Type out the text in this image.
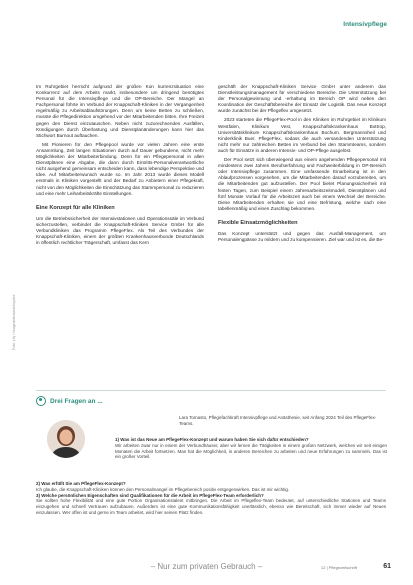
Intensivpflege
Foto: Lily / Imagedatenbank/kryptos

Im Ruhrgebiet herrscht aufgrund der großen Kon kurrenzsituation eine Konkurrenz auf dem Arbeits markt, insbesondere um dringend benötigtes Personal für die Intensivpflege und die OP-Bereiche. Der Mangel an Fachpersonal führte im Verbund der Knappschaft-Kliniken in der Vergangenheit regelmäßig zu Arbeitsablaufstörungen. Denn um keine Betten zu schließen, musste die Pflegedirektion umgehend vor der Mitarbeitenden bitten. Ihre Freizeit gegen den Dienst einzutauschen. Neben nicht zuzurechnenden Ausfällen, Kündigungen durch Überlastung und Dienstplanänderungen kann hier das Stichwort Burnout auftauchen.

Mit Pionieren für den Pflegepool wurde vor vielen Jahren eine erste Ansammlung, Zeit langen Situationen durch auf Dauer gebundene, nicht mehr Möglichkeiten der Mitarbeiterbindung. Denn für ein Pflegepersonal in allen Dienstplänen eine Abgabe, die dann durch Eintritts-Personalverantwortliche nicht ausgehend gemeinsam entscheiden kann, dass lebendige Perspektive und Idee. Auf Mitarbeiterwunsch wurde so. Im Jahr 2013 wurde dieses Modell erstmals in Kliniken vorgestellt und der Bedarf zu Anbietern einer Pflegekraft, nicht von den Möglichkeiten die Einschätzung das Stammpersonal zu reduzieren und eine mehr Leiharbeitskräfte Einstellungen.

Eine Konzept für alle Kliniken

Um die Betriebssicherheit der Intensivstationen und Operationssäle im Verbund sicherzustellen, verbindet die Knappschaft-Kliniken Service GmbH für alle Verbundkliniken das Programm PflegeFlex. Als Teil des Verbundes der Knappschaft-Kliniken, einem der größten Krankenhausverbunde Deutschlands in öffentlich rechtlicher Trägerschaft, umfasst das Kern

geschäft der Knappschaft-Kliniken Service GmbH unter anderem das Dienstleistungsmanagement für verschiedene Bereiche. Die Unterstützung bei der Personalgewinnung und -erhaltung im Bereich OP wird neben den Koordination der Geschäftsbereiche der Einsatz der Logistik. Das neue Konzept wurde zunächst bei der Pflegeflex umgesetzt.

2023 starteten die PflegeFlex-Pool in den Kliniken im Ruhrgebiet im Klinikum Westfalen, Klinikum Vest, Knappschaftskrankenhaus Bottrop, Universitätsklinikum Knappschaftskrankenhaus Bochum. Bergmannsheil und Kinderklinik Buer. PflegeFlex, sodass die auch versandenden Unterstützung nicht mehr nur zahlreichen Betten im Verbund bei den Stammteams, sondern auch für Einsätze in anderen Intensiv- und OP-Pflege ausgelöst.

Der Pool setzt sich überwiegend aus einem angehenden Pflegepersonal mit mindestens zwei Jahren Berufserfahrung und Fachweiterbildung in OP-Bereich oder Intensivpflege zusammen. Eine umfassende Einarbeitung ist in den Ablaufprozessen vorgesehen, um die Mitarbeitenden darauf vorzubereiten, um die Mitarbeitenden gut aufzustellen. Der Pool bietet Planungssicherheit mit festen Tagen, zum Beispiel einem Jahresarbeitszeitmodell, Dienstplänen und fünf Monate Vorlauf für die Arbeitszeit auch bei einem Wechsel der Bereiche. Diese Mitarbeitenden erhalten sie und eine Befristung, welche nach eine tabellenmäßig und einen Zuschlag bekommen.

Flexible Einsatzmöglichkeiten

Das Konzept unterstützt und gegen das Ausfall-Management, um Personalengpässe zu mildern und zu kompensieren. Ziel war und ist es, die Be-

Drei Fragen an ...
Lara Tomasto, Pflegefachkraft Intensivpflege und Anästhesie, seit Anfang 2024 Teil des PflegeFlex-Teams.
1) Was ist das Neue am PflegeFlex-Konzept und warum haben Sie sich dafür entschieden?
Wir arbeiten zwar nur in einem der Verbundhäuser, aber wir lernen die Tätigkeiten in einem großen Netzwerk, welches wir seit einigen Monaten die Arbeit fortsetzen. Man hat die Möglichkeit, in anderen Bereichen zu arbeiten und neue Erfahrungen zu sammeln. Das ist ein großer Vorteil.
2) Was erfüllt Sie am PflegeFlex-Konzept?
Ich glaube, die Knappschaft-Kliniken können den Personalmangel im Pflegebereich positiv entgegenwirken. Das ist mir wichtig.
3) Welche persönlichen Eigenschaften sind Qualifikationen für die Arbeit im PflegeFlex-Team erforderlich?
Sie sollten hohe Flexibilität und eine gute Portion Organisationstalent mitbringen. Die Arbeit im Pflegeflex-Team bedeutet, auf unterschiedliche Stationen und Teams einzugehen und schnell Vertrauen aufzubauen. Außerdem ist eine gute Kommunikationsfähigkeit unerlässlich, ebenso wie Bereitschaft, sich immer wieder auf Neues einzulassen. Wer offen ist und gerne im Team arbeitet, wird hier seinen Platz finden.
– Nur zum privaten Gebrauch –	12 | Pflegezeitschrift	61
